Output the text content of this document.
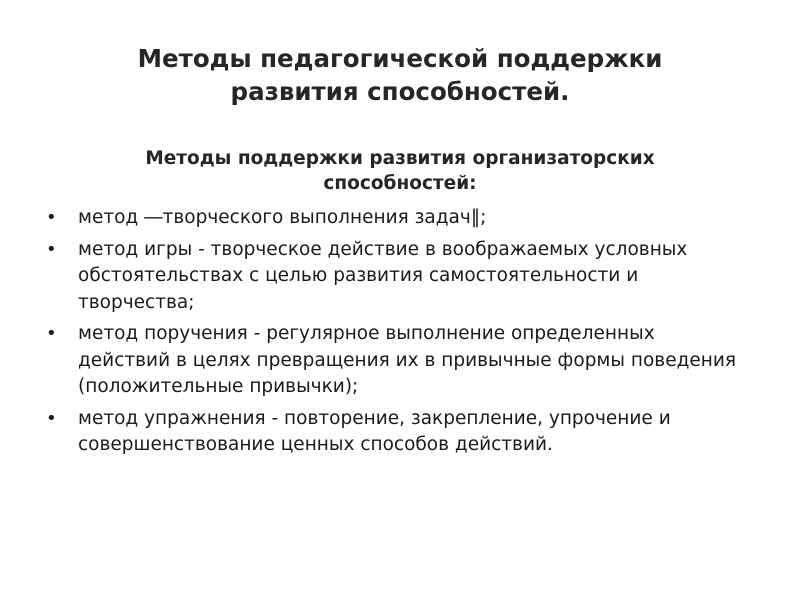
Методы педагогической поддержки
развития способностей.
Методы поддержки развития организаторских
способностей:
• метод ―творческого выполнения задач‖;
• метод игры - творческое действие в воображаемых условных обстоятельствах с целью развития самостоятельности и творчества;
• метод поручения - регулярное выполнение определенных действий в целях превращения их в привычные формы поведения (положительные привычки);
• метод упражнения - повторение, закрепление, упрочение и совершенствование ценных способов действий.
